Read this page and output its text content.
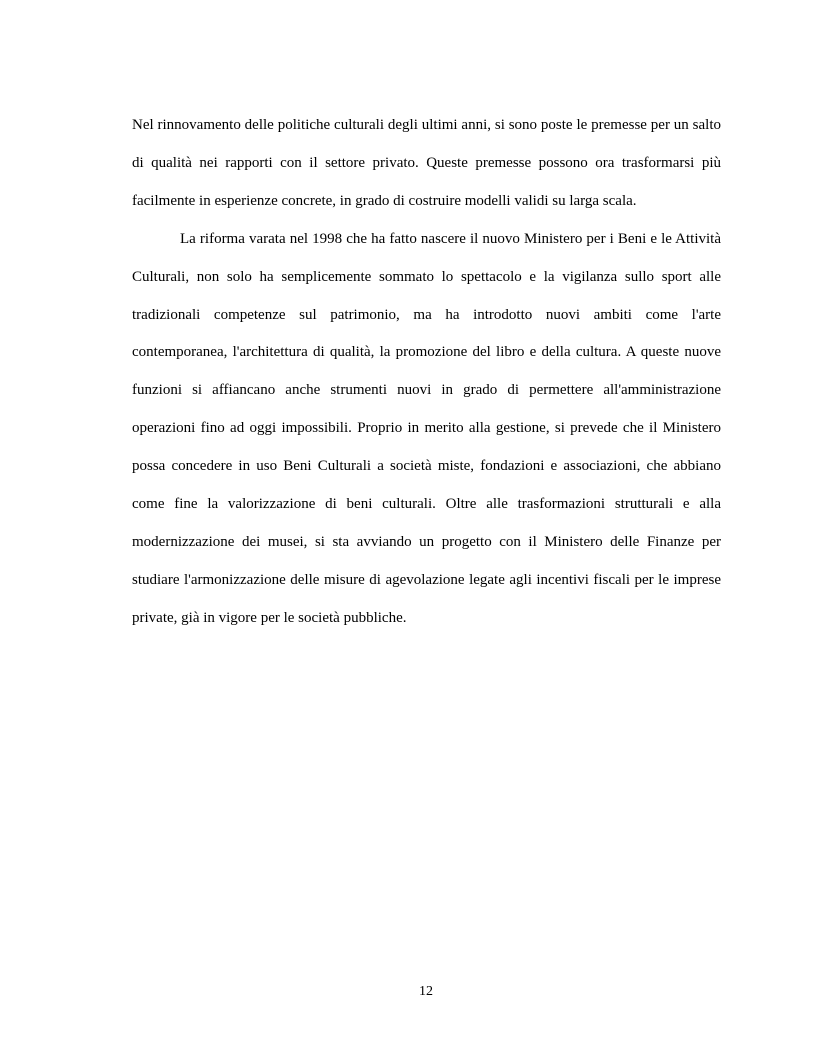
Nel rinnovamento delle politiche culturali degli ultimi anni, si sono poste le premesse per un salto di qualità nei rapporti con il settore privato. Queste premesse possono ora trasformarsi più facilmente in esperienze concrete, in grado di costruire modelli validi su larga scala.

La riforma varata nel 1998 che ha fatto nascere il nuovo Ministero per i Beni e le Attività Culturali, non solo ha semplicemente sommato lo spettacolo e la vigilanza sullo sport alle tradizionali competenze sul patrimonio, ma ha introdotto nuovi ambiti come l'arte contemporanea, l'architettura di qualità, la promozione del libro e della cultura. A queste nuove funzioni si affiancano anche strumenti nuovi in grado di permettere all'amministrazione operazioni fino ad oggi impossibili. Proprio in merito alla gestione, si prevede che il Ministero possa concedere in uso Beni Culturali a società miste, fondazioni e associazioni, che abbiano come fine la valorizzazione di beni culturali. Oltre alle trasformazioni strutturali e alla modernizzazione dei musei, si sta avviando un progetto con il Ministero delle Finanze per studiare l'armonizzazione delle misure di agevolazione legate agli incentivi fiscali per le imprese private, già in vigore per le società pubbliche.

12
